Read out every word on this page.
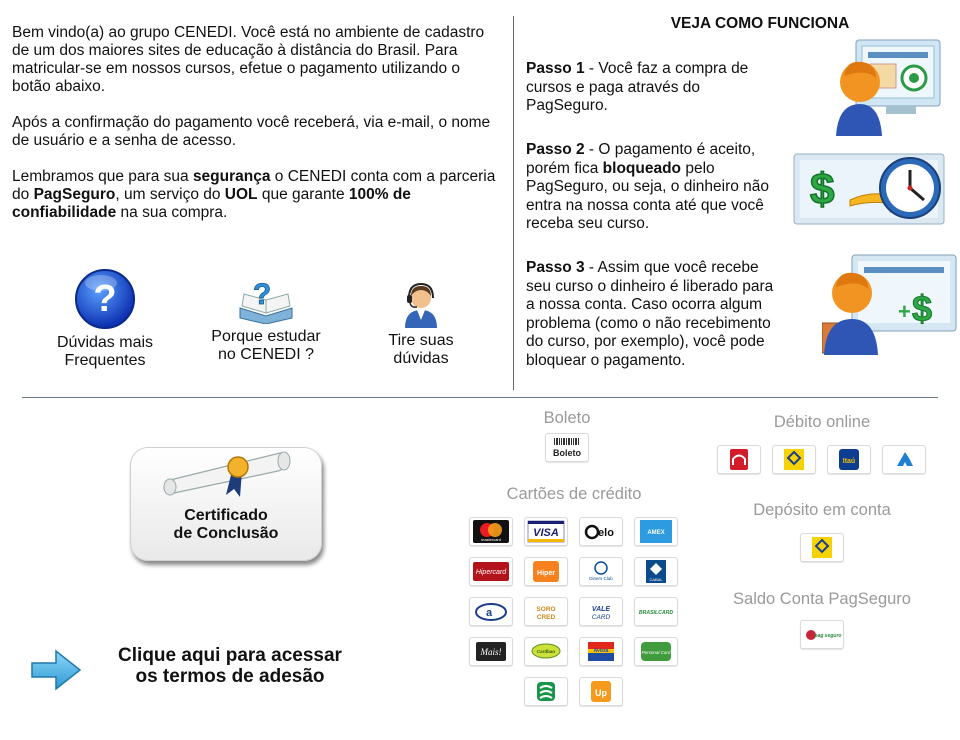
Bem vindo(a) ao grupo CENEDI. Você está no ambiente de cadastro de um dos maiores sites de educação à distância do Brasil. Para matricular-se em nossos cursos, efetue o pagamento utilizando o botão abaixo.

Após a confirmação do pagamento você receberá, via e-mail, o nome de usuário e a senha de acesso.

Lembramos que para sua segurança o CENEDI conta com a parceria do PagSeguro, um serviço do UOL que garante 100% de confiabilidade na sua compra.

?
Dúvidas mais
Frequentes
?
Porque estudar
no CENEDI ?
Tire suas
dúvidas
VEJA COMO FUNCIONA
Passo 1 - Você faz a compra de cursos e paga através do PagSeguro.
Passo 2 - O pagamento é aceito, porém fica bloqueado pelo PagSeguro, ou seja, o dinheiro não entra na nossa conta até que você receba seu curso.
$
Passo 3 - Assim que você recebe seu curso o dinheiro é liberado para a nossa conta. Caso ocorra algum problema (como o não recebimento do curso, por exemplo), você pode bloquear o pagamento.
+ $
Certificado
de Conclusão
Clique aqui para acessar
os termos de adesão
Boleto
Boleto
Cartões de crédito
mastercard
VISA	elo	AMEX
Hipercard	Hiper
Diners Club	CABAL
a	SORO
CRED
VALE
CARD
BRASILCARD
Mais!	Cardban	Avista	Personal Card
Up
Débito online
Itaú
Depósito em conta
Saldo Conta PagSeguro
pag seguro
